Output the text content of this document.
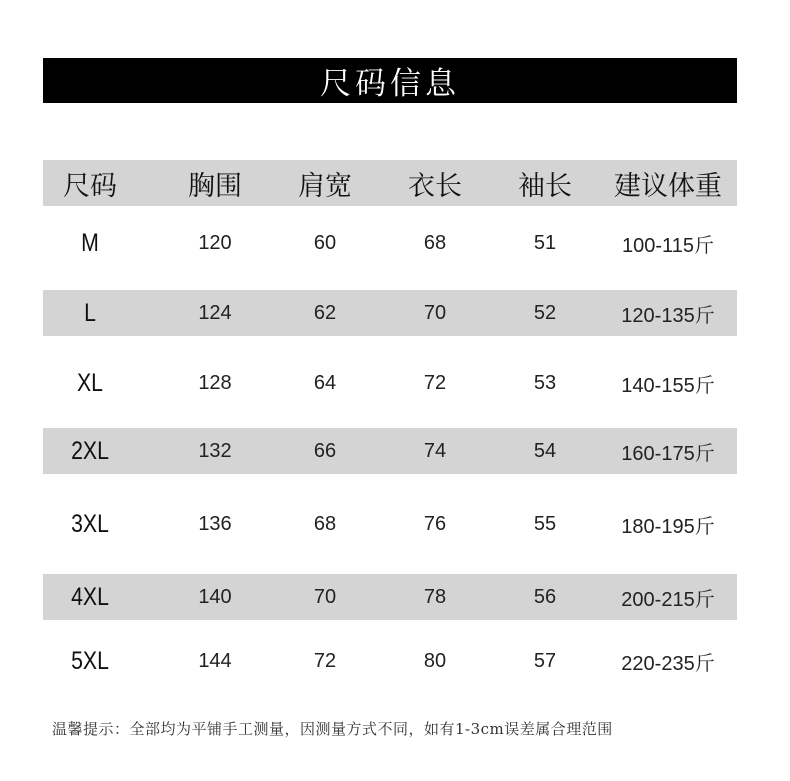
尺码信息
尺码	胸围	肩宽	衣长	袖长	建议体重
M	120	60	68	51	100-115斤
L	124	62	70	52	120-135斤
XL	128	64	72	53	140-155斤
2XL	132	66	74	54	160-175斤
3XL	136	68	76	55	180-195斤
4XL	140	70	78	56	200-215斤
5XL	144	72	80	57	220-235斤
温馨提示：全部均为平铺手工测量，因测量方式不同，如有1-3cm误差属合理范围
